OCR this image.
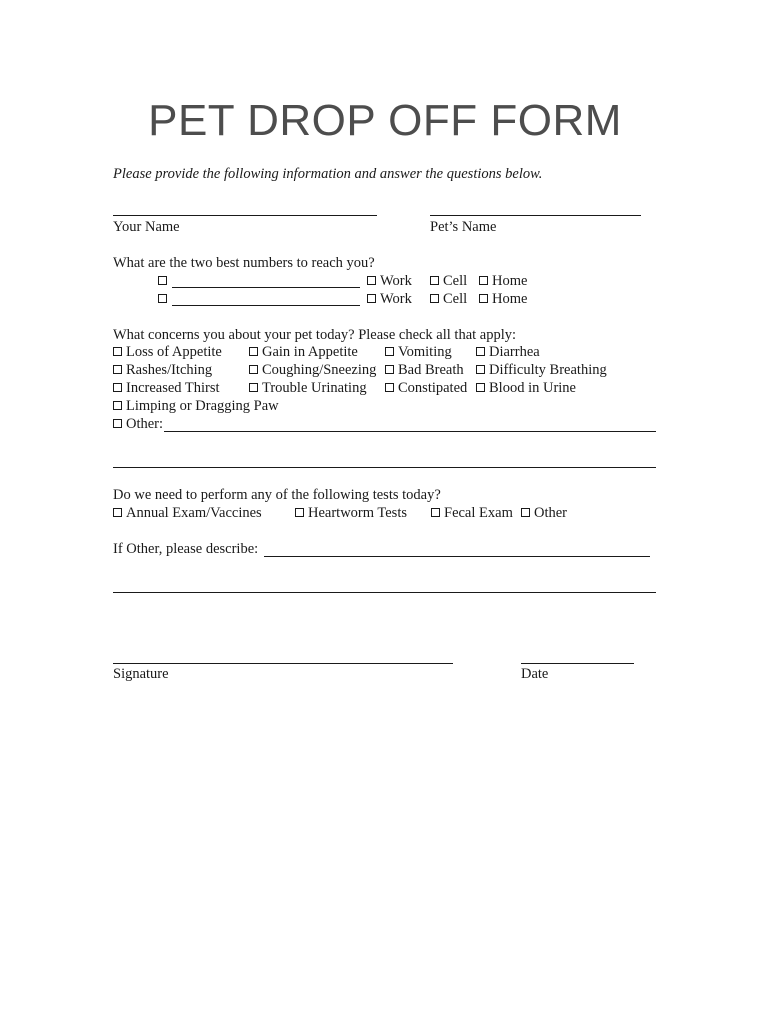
PET DROP OFF FORM
Please provide the following information and answer the questions below.
Your Name	Pet’s Name
What are the two best numbers to reach you?
Work	Cell	Home
Work	Cell	Home
What concerns you about your pet today? Please check all that apply:
Loss of Appetite	Gain in Appetite	Vomiting	Diarrhea
Rashes/Itching	Coughing/Sneezing	Bad Breath	Difficulty Breathing
Increased Thirst	Trouble Urinating	Constipated	Blood in Urine
Limping or Dragging Paw
Other:
Do we need to perform any of the following tests today?
Annual Exam/Vaccines	Heartworm Tests	Fecal Exam	Other
If Other, please describe:
Signature	Date
